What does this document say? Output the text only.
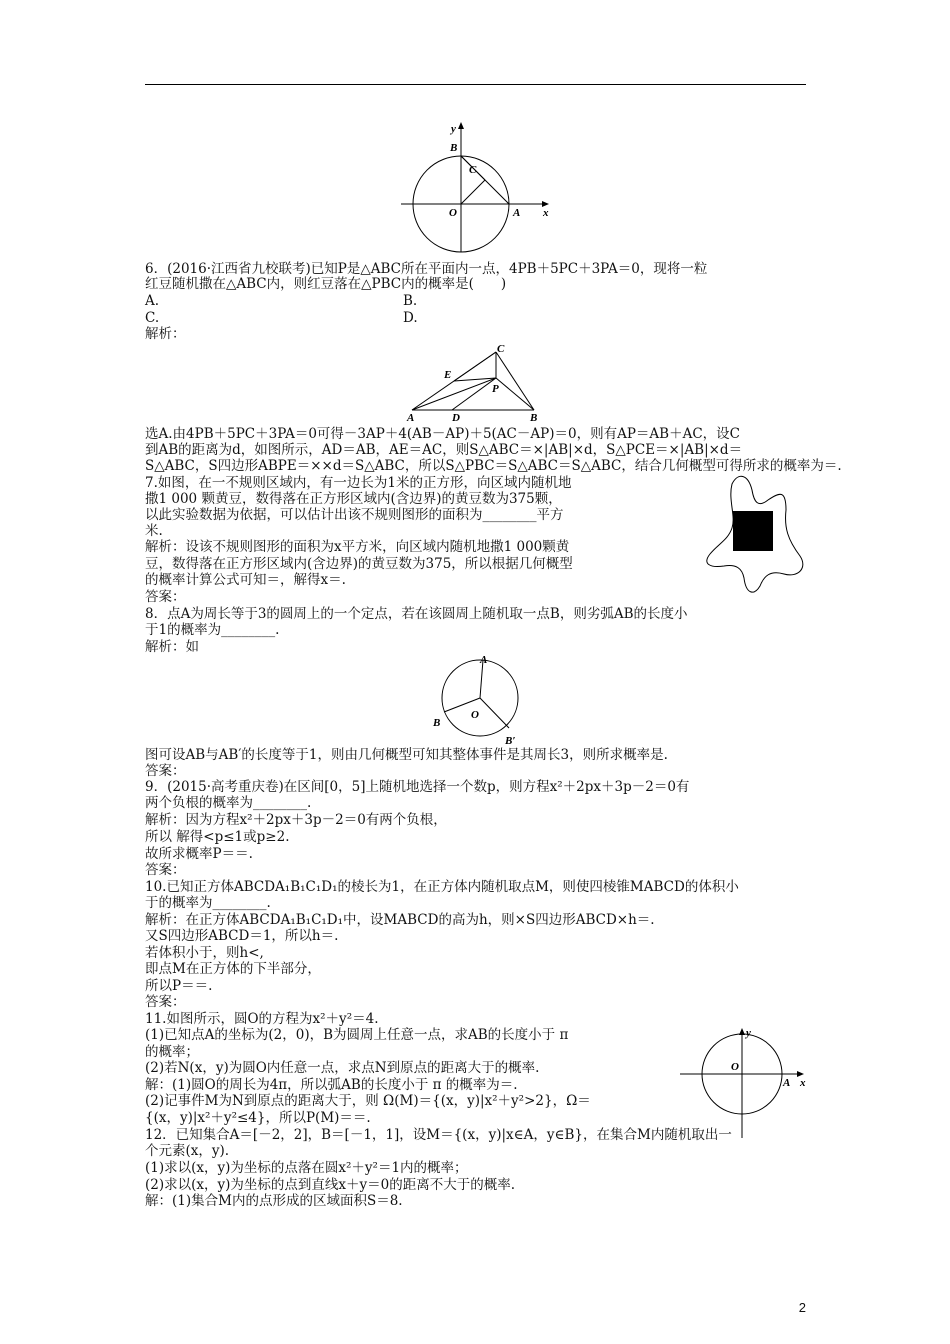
y
B
C
O	A x
C
E
P
A	D	B
A
O
B
B′
y
O
A x
6．(2016·江西省九校联考)已知P是△ABC所在平面内一点，4PB＋5PC＋3PA＝0，现将一粒
红豆随机撒在△ABC内，则红豆落在△PBC内的概率是(　　)
A.	B.
C.	D.
解析：
选A.由4PB＋5PC＋3PA＝0可得－3AP＋4(AB－AP)＋5(AC－AP)＝0，则有AP＝AB＋AC，设C
到AB的距离为d，如图所示，AD＝AB，AE＝AC，则S△ABC＝×|AB|×d，S△PCE＝×|AB|×d＝
S△ABC，S四边形ABPE＝××d＝S△ABC，所以S△PBC＝S△ABC＝S△ABC，结合几何概型可得所求的概率为＝.
7.如图，在一不规则区域内，有一边长为1米的正方形，向区域内随机地
撒1 000 颗黄豆，数得落在正方形区域内(含边界)的黄豆数为375颗，
以此实验数据为依据，可以估计出该不规则图形的面积为________平方
米.
解析：设该不规则图形的面积为x平方米，向区域内随机地撒1 000颗黄
豆，数得落在正方形区域内(含边界)的黄豆数为375，所以根据几何概型
的概率计算公式可知＝，解得x＝.
答案：
8．点A为周长等于3的圆周上的一个定点，若在该圆周上随机取一点B，则劣弧AB的长度小
于1的概率为________.
解析：如
图可设AB与AB′的长度等于1，则由几何概型可知其整体事件是其周长3，则所求概率是.
答案：
9．(2015·高考重庆卷)在区间[0，5]上随机地选择一个数p，则方程x²＋2px＋3p－2＝0有
两个负根的概率为________.
解析：因为方程x²＋2px＋3p－2＝0有两个负根，
所以 解得<p≤1或p≥2.
故所求概率P＝＝.
答案：
10.已知正方体ABCDA₁B₁C₁D₁的棱长为1，在正方体内随机取点M，则使四棱锥MABCD的体积小
于的概率为________.
解析：在正方体ABCDA₁B₁C₁D₁中，设MABCD的高为h，则×S四边形ABCD×h＝.
又S四边形ABCD＝1，所以h＝.
若体积小于，则h<,
即点M在正方体的下半部分，
所以P＝＝.
答案：
11.如图所示，圆O的方程为x²＋y²＝4.
(1)已知点A的坐标为(2，0)，B为圆周上任意一点，求AB的长度小于 π
的概率；
(2)若N(x，y)为圆O内任意一点，求点N到原点的距离大于的概率.
解：(1)圆O的周长为4π，所以弧AB的长度小于 π 的概率为＝.
(2)记事件M为N到原点的距离大于，则 Ω(M)＝{(x，y)|x²＋y²>2}，Ω＝
{(x，y)|x²＋y²≤4}，所以P(M)＝＝.
12．已知集合A＝[－2，2]，B＝[－1，1]，设M＝{(x，y)|x∈A，y∈B}，在集合M内随机取出一
个元素(x，y).
(1)求以(x，y)为坐标的点落在圆x²＋y²＝1内的概率；
(2)求以(x，y)为坐标的点到直线x＋y＝0的距离不大于的概率.
解：(1)集合M内的点形成的区域面积S＝8.
2
